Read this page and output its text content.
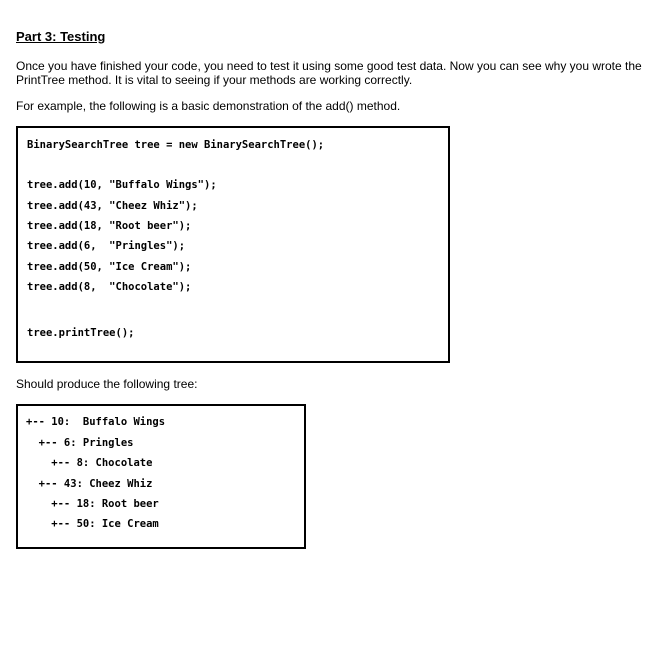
Part 3: Testing

Once you have finished your code, you need to test it using some good test data. Now you can see why you wrote the PrintTree method. It is vital to seeing if your methods are working correctly.

For example, the following is a basic demonstration of the add() method.

BinarySearchTree tree = new BinarySearchTree();

tree.add(10, "Buffalo Wings");

tree.add(43, "Cheez Whiz");

tree.add(18, "Root beer");

tree.add(6,  "Pringles");

tree.add(50, "Ice Cream");

tree.add(8,  "Chocolate");

tree.printTree();

Should produce the following tree:

+-- 10:  Buffalo Wings

+-- 6: Pringles

+-- 8: Chocolate

+-- 43: Cheez Whiz

+-- 18: Root beer

+-- 50: Ice Cream
